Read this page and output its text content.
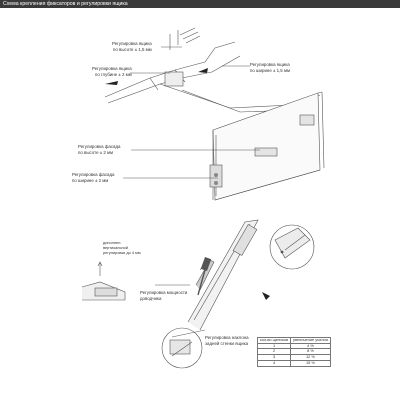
Схема крепления фиксаторов и регулировки ящика
Регулировка ящика
по высоте ± 1,5 мм
Регулировка ящика
по глубине ± 2 мм
Регулировка ящика
по ширине ± 1,5 мм
Регулировка фасада
по высоте ± 2 мм
Регулировка фасада
по ширине ± 2 мм
дополнен.
вертикальной
регулировки до 4 мм
Регулировка мощности
доводчика
Регулировка наклона
задней стенки ящика
кол-во щелчков	увеличение усилия
1	4 %
2	8 %
3	12 %
4	15 %
